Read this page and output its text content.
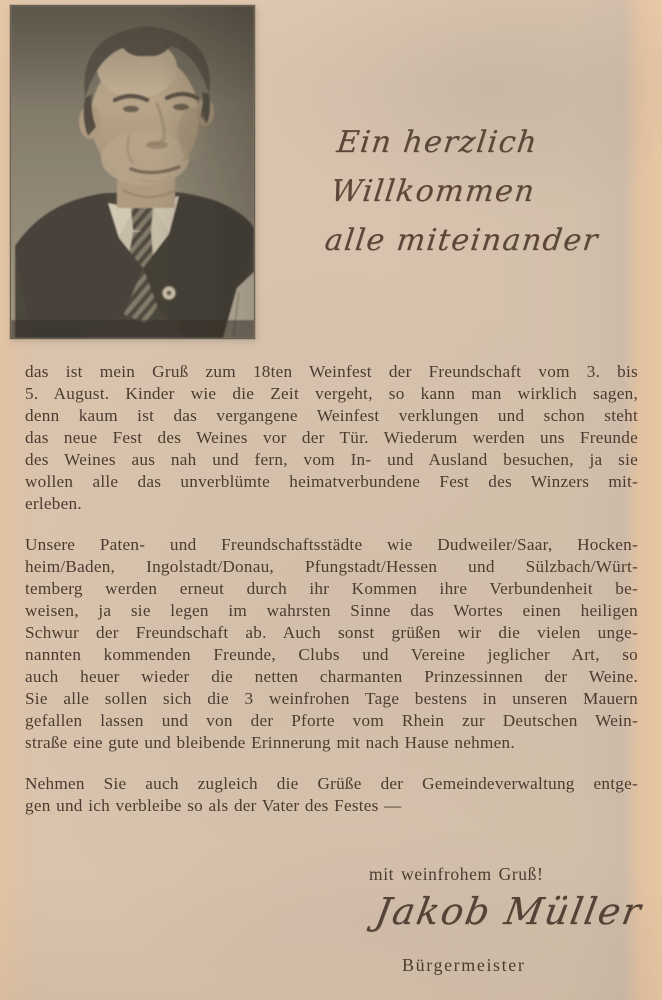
Ein herzlich
Willkommen
alle miteinander
das ist mein Gruß zum 18ten Weinfest der Freundschaft vom 3. bis
5. August. Kinder wie die Zeit vergeht, so kann man wirklich sagen,
denn kaum ist das vergangene Weinfest verklungen und schon steht
das neue Fest des Weines vor der Tür. Wiederum werden uns Freunde
des Weines aus nah und fern, vom In- und Ausland besuchen, ja sie
wollen alle das unverblümte heimatverbundene Fest des Winzers mit-
erleben.
Unsere Paten- und Freundschaftsstädte wie Dudweiler/Saar, Hocken-
heim/Baden, Ingolstadt/Donau, Pfungstadt/Hessen und Sülzbach/Würt-
temberg werden erneut durch ihr Kommen ihre Verbundenheit be-
weisen, ja sie legen im wahrsten Sinne das Wortes einen heiligen
Schwur der Freundschaft ab. Auch sonst grüßen wir die vielen unge-
nannten kommenden Freunde, Clubs und Vereine jeglicher Art, so
auch heuer wieder die netten charmanten Prinzessinnen der Weine.
Sie alle sollen sich die 3 weinfrohen Tage bestens in unseren Mauern
gefallen lassen und von der Pforte vom Rhein zur Deutschen Wein-
straße eine gute und bleibende Erinnerung mit nach Hause nehmen.
Nehmen Sie auch zugleich die Grüße der Gemeindeverwaltung entge-
gen und ich verbleibe so als der Vater des Festes —
mit weinfrohem Gruß!
Jakob Müller
Bürgermeister
